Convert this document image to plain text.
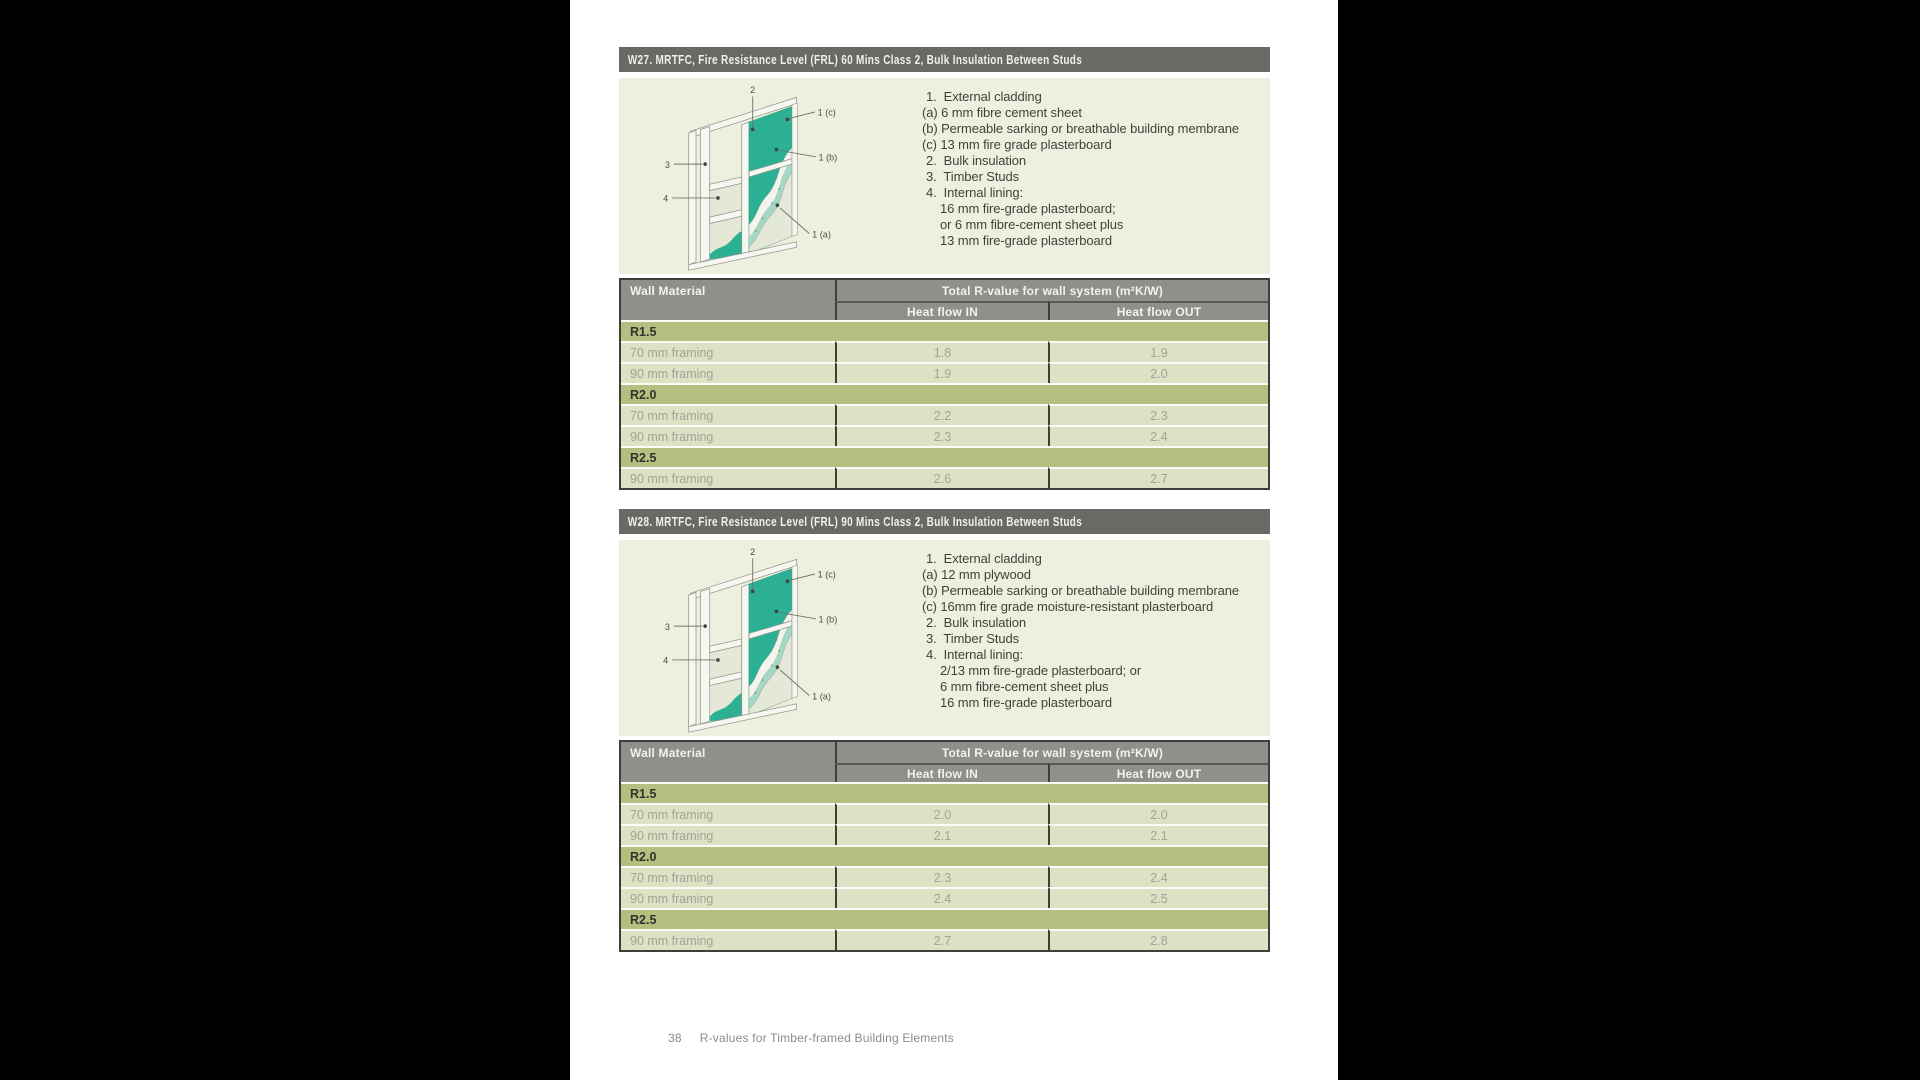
W27. MRTFC, Fire Resistance Level (FRL) 60 Mins Class 2, Bulk Insulation Between Studs
2
1 (c)
1 (b)
3
4
1 (a)
1.  External cladding
(a) 6 mm fibre cement sheet
(b) Permeable sarking or breathable building membrane
(c) 13 mm fire grade plasterboard
2.  Bulk insulation
3.  Timber Studs
4.  Internal lining:
16 mm fire-grade plasterboard;
or 6 mm fibre-cement sheet plus
13 mm fire-grade plasterboard
Wall Material	Total R-value for wall system (m²K/W)	
	Heat flow IN	Heat flow OUT
R1.5		
70 mm framing	1.8	1.9
90 mm framing	1.9	2.0
R2.0		
70 mm framing	2.2	2.3
90 mm framing	2.3	2.4
R2.5		
90 mm framing	2.6	2.7
W28. MRTFC, Fire Resistance Level (FRL) 90 Mins Class 2, Bulk Insulation Between Studs
2
1 (c)
1 (b)
3
4
1 (a)
1.  External cladding
(a) 12 mm plywood
(b) Permeable sarking or breathable building membrane
(c) 16mm fire grade moisture-resistant plasterboard
2.  Bulk insulation
3.  Timber Studs
4.  Internal lining:
2/13 mm fire-grade plasterboard; or
6 mm fibre-cement sheet plus
16 mm fire-grade plasterboard
Wall Material	Total R-value for wall system (m²K/W)	
	Heat flow IN	Heat flow OUT
R1.5		
70 mm framing	2.0	2.0
90 mm framing	2.1	2.1
R2.0		
70 mm framing	2.3	2.4
90 mm framing	2.4	2.5
R2.5		
90 mm framing	2.7	2.8
38 R-values for Timber-framed Building Elements
